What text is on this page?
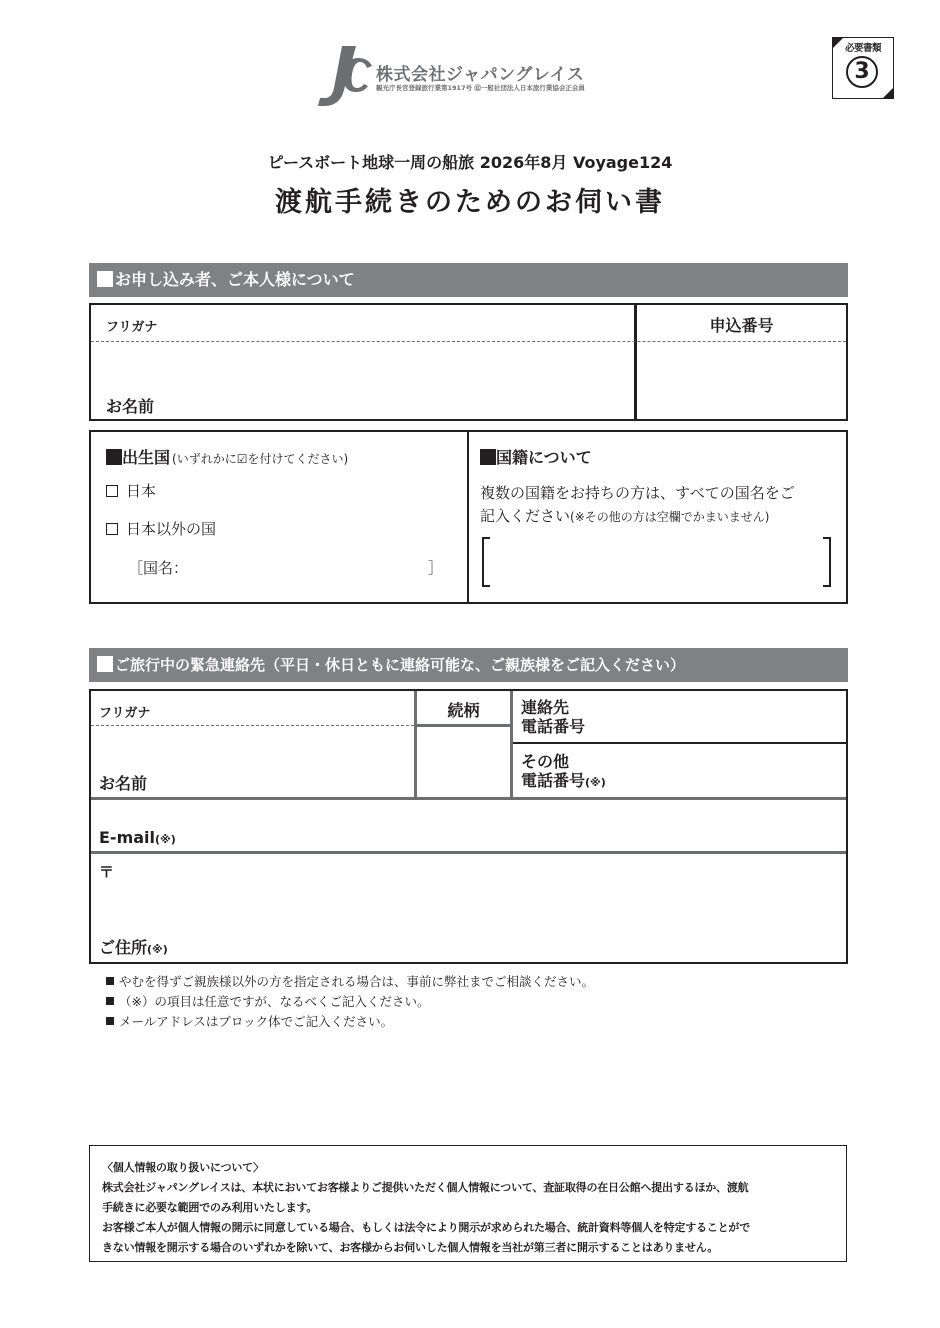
株式会社ジャパングレイス
観光庁長官登録旅行業第1917号 ㊟一般社団法人日本旅行業協会正会員
必要書類
3
ピースボート地球一周の船旅 2026年8月 Voyage124
渡航手続きのためのお伺い書
お申し込み者、ご本人様について
フリガナ
お名前
申込番号
出生国 (いずれかに☑を付けてください)
日本
日本以外の国
［国名：	］
国籍について
複数の国籍をお持ちの方は、すべての国名をご
記入ください(※その他の方は空欄でかまいません)
ご旅行中の緊急連絡先（平日・休日ともに連絡可能な、ご親族様をご記入ください）
フリガナ
お名前
続柄	連絡先
電話番号
その他
電話番号(※)
E-mail(※)
〒
ご住所(※)
やむを得ずご親族様以外の方を指定される場合は、事前に弊社までご相談ください。
（※）の項目は任意ですが、なるべくご記入ください。
メールアドレスはブロック体でご記入ください。
〈個人情報の取り扱いについて〉
株式会社ジャパングレイスは、本状においてお客様よりご提供いただく個人情報について、査証取得の在日公館へ提出するほか、渡航
手続きに必要な範囲でのみ利用いたします。
お客様ご本人が個人情報の開示に同意している場合、もしくは法令により開示が求められた場合、統計資料等個人を特定することがで
きない情報を開示する場合のいずれかを除いて、お客様からお伺いした個人情報を当社が第三者に開示することはありません。
